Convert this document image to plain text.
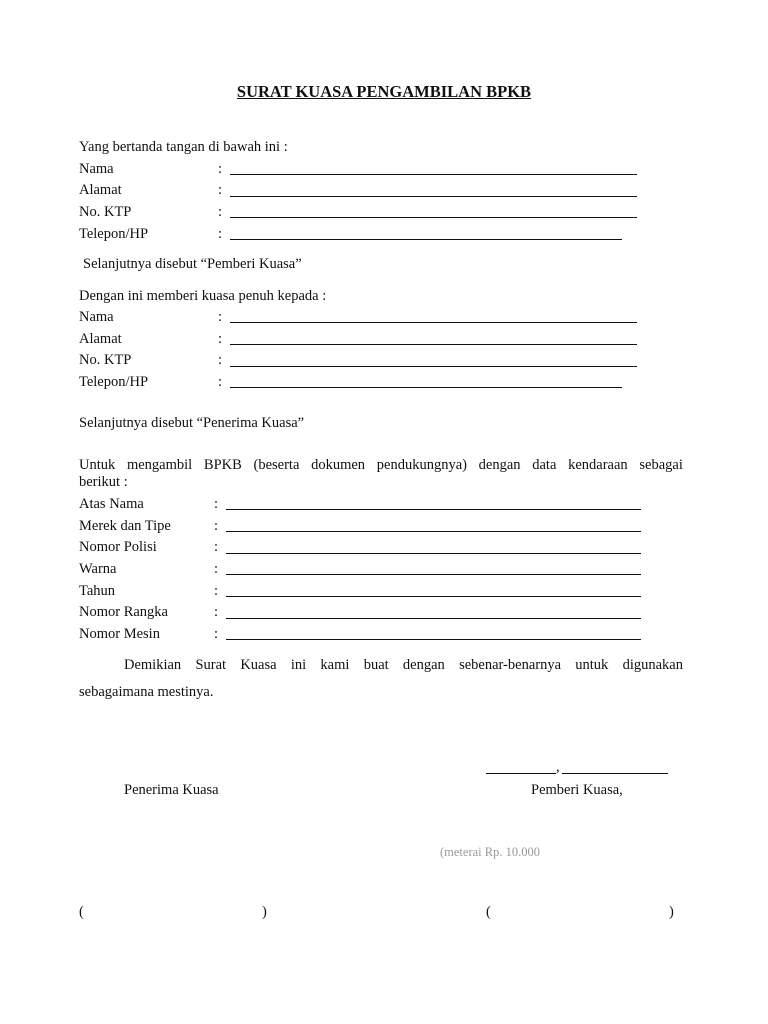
SURAT KUASA PENGAMBILAN BPKB
Yang bertanda tangan di bawah ini :
Nama	:
Alamat	:
No. KTP	:
Telepon/HP	:
Selanjutnya disebut “Pemberi Kuasa”
Dengan ini memberi kuasa penuh kepada :
Nama	:
Alamat	:
No. KTP	:
Telepon/HP	:
Selanjutnya disebut “Penerima Kuasa”
Untuk mengambil BPKB (beserta dokumen pendukungnya) dengan data kendaraan sebagai
berikut :
Atas Nama	:
Merek dan Tipe	:
Nomor Polisi	:
Warna	:
Tahun	:
Nomor Rangka	:
Nomor Mesin	:
Demikian Surat Kuasa ini kami buat dengan sebenar-benarnya untuk digunakan
sebagaimana mestinya.
,
Penerima Kuasa	Pemberi Kuasa,
(meterai Rp. 10.000
(	)	(	)
